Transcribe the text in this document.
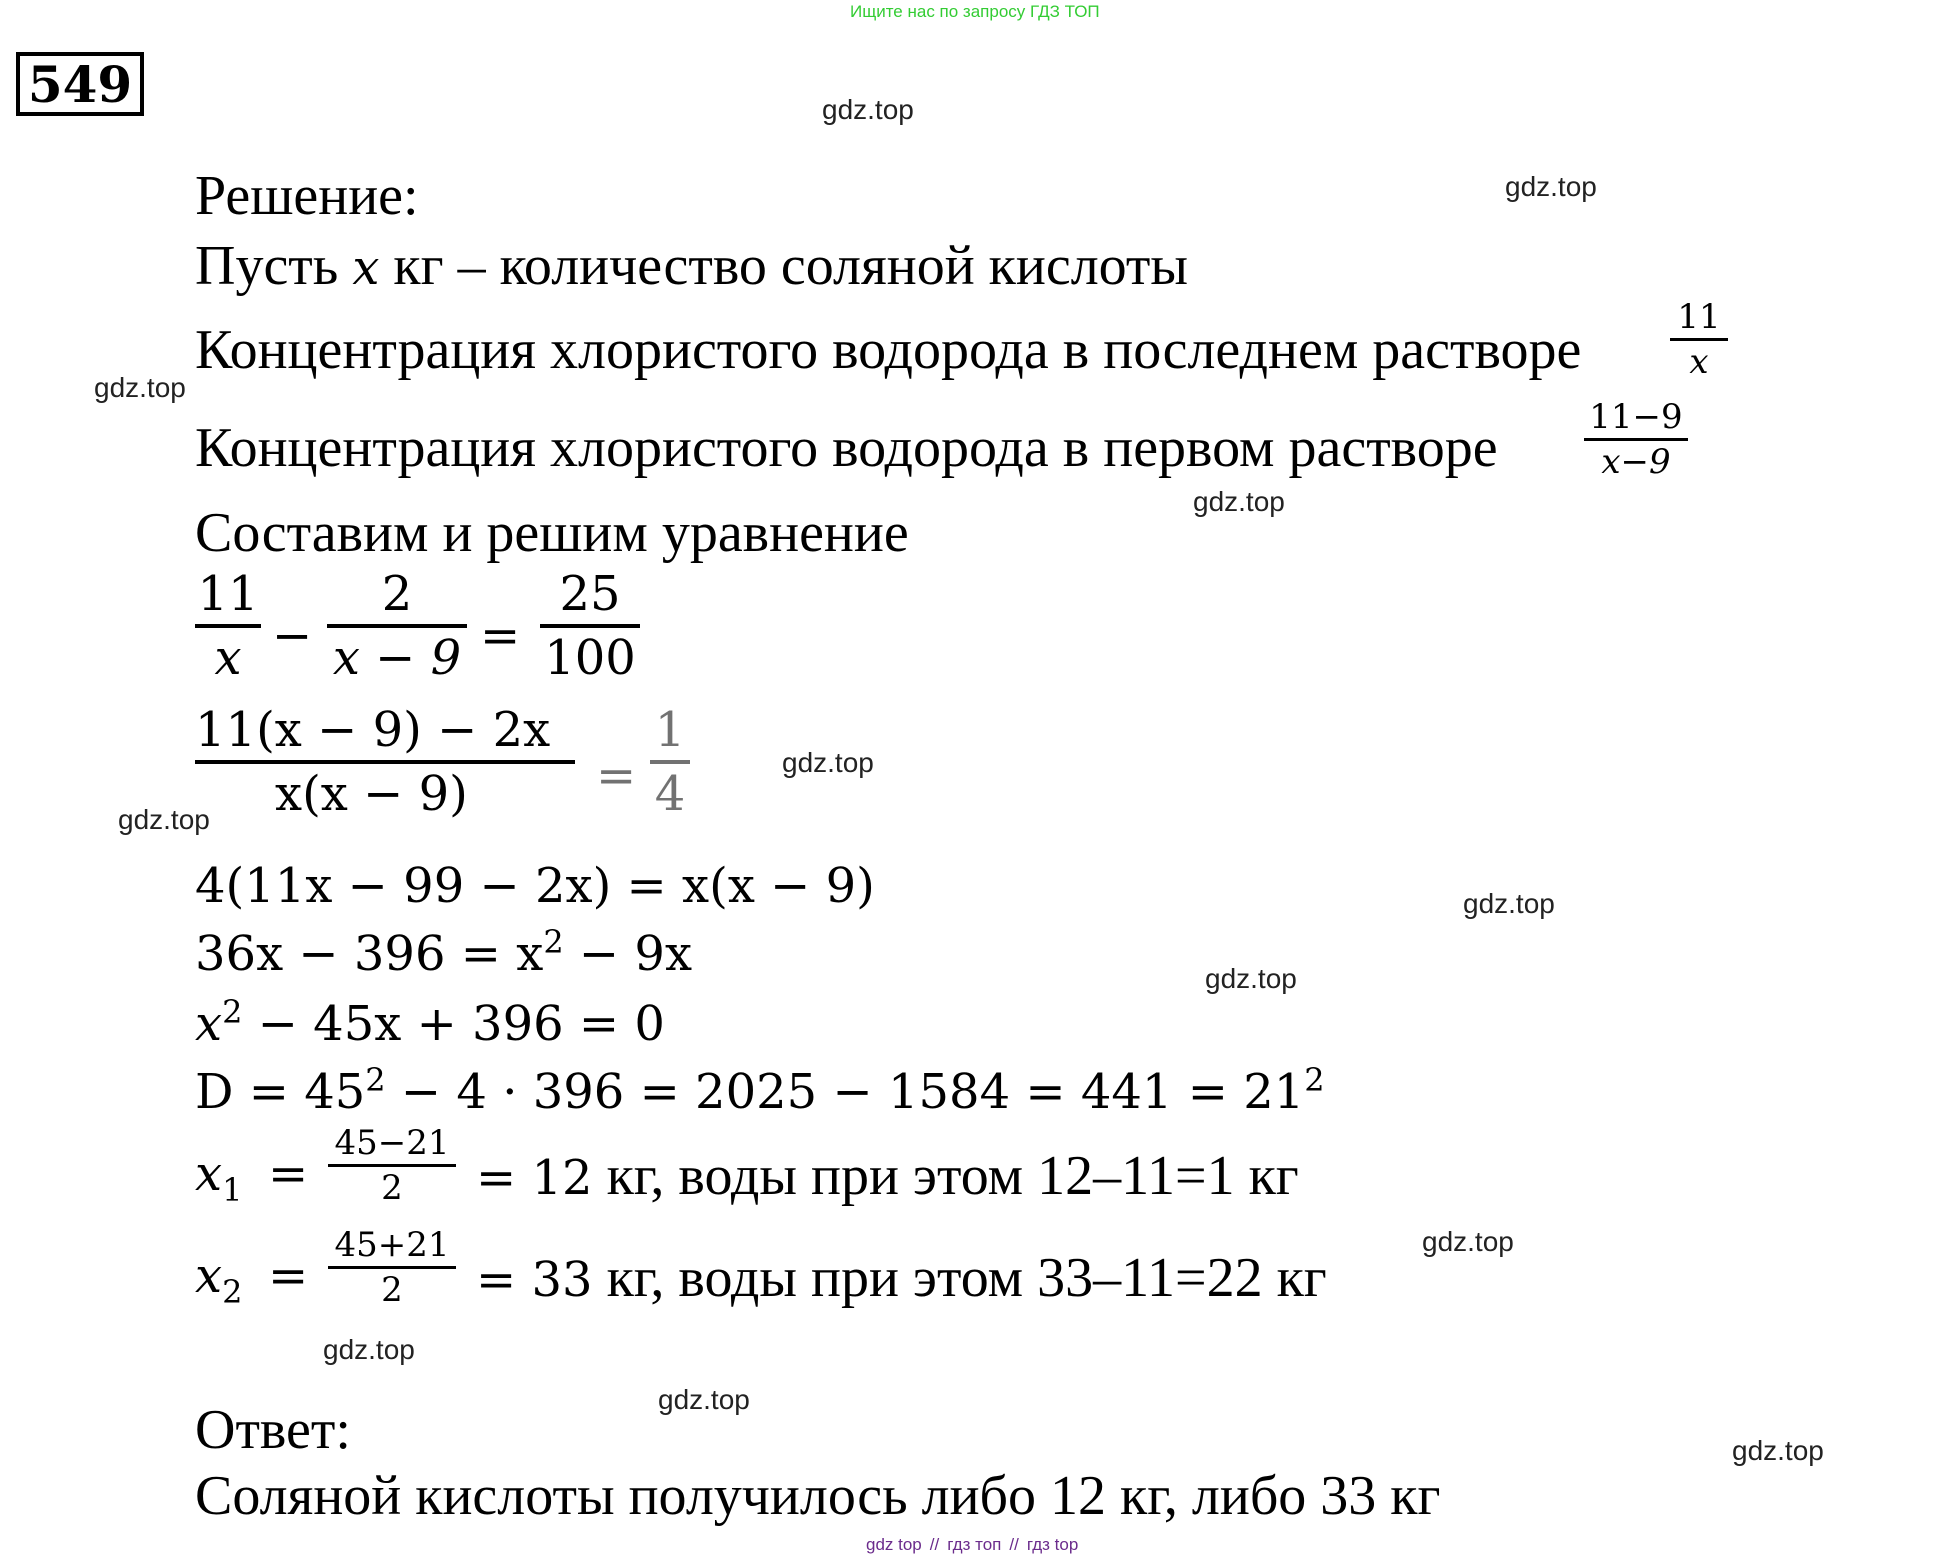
Ищите нас по запросу ГДЗ ТОП
549	gdz.top
gdz.top
gdz.top
gdz.top
gdz.top
gdz.top
gdz.top
gdz.top
gdz.top
gdz.top
gdz.top
gdz.top
Решение:
Пусть x кг – количество соляной кислоты
Концентрация хлористого водорода в последнем растворе
11
x
Концентрация хлористого водорода в первом растворе	11−9
x−9
Составим и решим уравнение
11
x −
2
x − 9 =
25
100
11(x − 9) − 2x
x(x − 9)	=
1
4
4(11x − 99 − 2x) = x(x − 9)
$36x - 396 = x^2 - 9x$
$x^2 - 45x + 396 = 0$
$D = 45^2 - 4 \cdot 396 = 2025 - 1584 = 441 = 21^2$
$x_1$ =
45−21
2	= 12 кг, воды при этом 12–11=1 кг
$x_2$ =
45+21
2	= 33 кг, воды при этом 33–11=22 кг
Ответ:
Соляной кислоты получилось либо 12 кг, либо 33 кг
gdz top // гдз топ // гдз top
